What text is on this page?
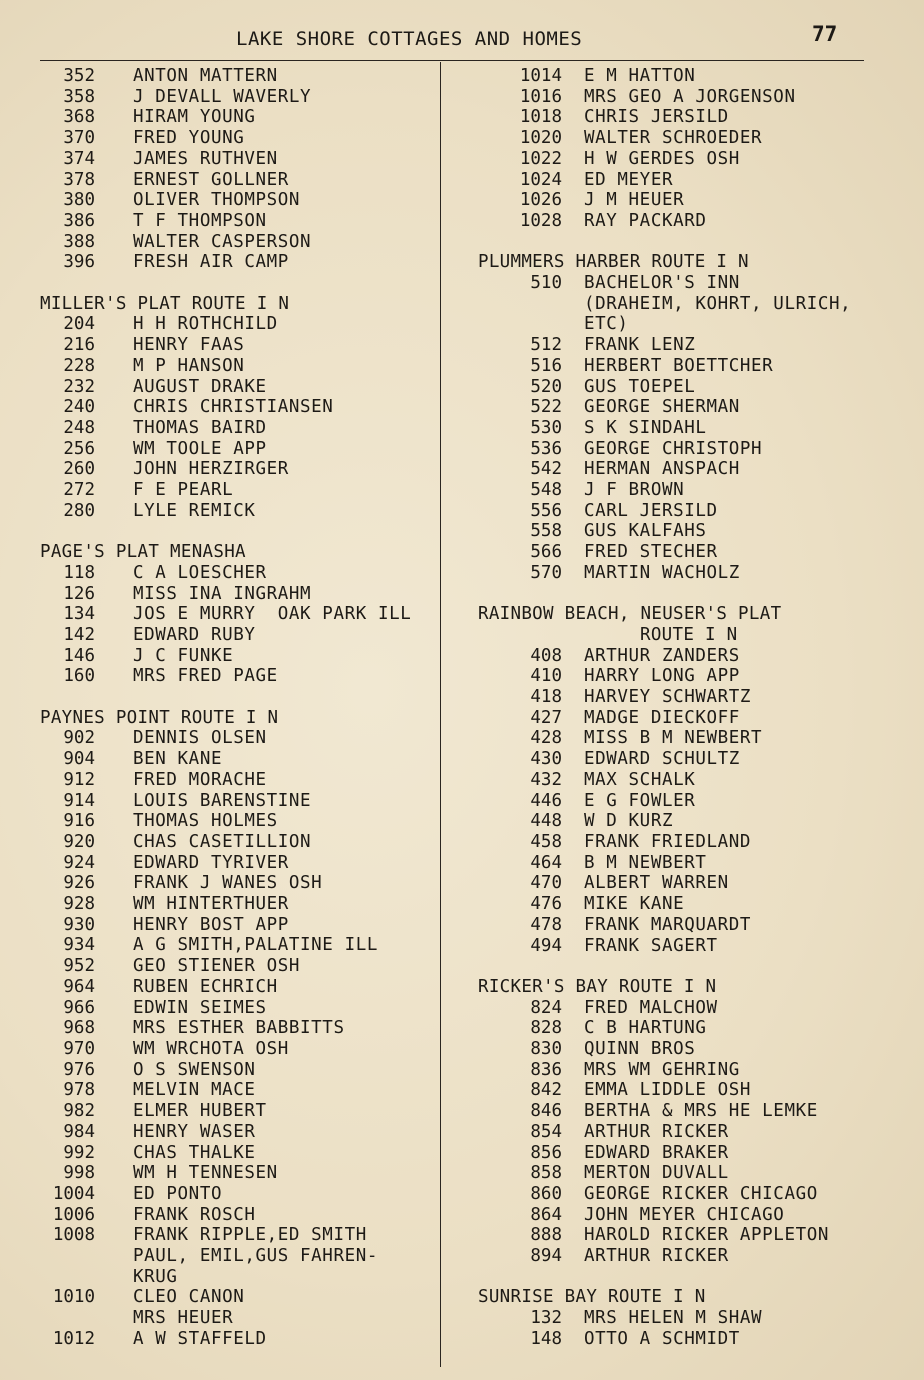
LAKE SHORE COTTAGES AND HOMES	77
352	ANTON MATTERN
358	J DEVALL WAVERLY
368	HIRAM YOUNG
370	FRED YOUNG
374	JAMES RUTHVEN
378	ERNEST GOLLNER
380	OLIVER THOMPSON
386	T F THOMPSON
388	WALTER CASPERSON
396	FRESH AIR CAMP
MILLER'S PLAT ROUTE I N
204	H H ROTHCHILD
216	HENRY FAAS
228	M P HANSON
232	AUGUST DRAKE
240	CHRIS CHRISTIANSEN
248	THOMAS BAIRD
256	WM TOOLE APP
260	JOHN HERZIRGER
272	F E PEARL
280	LYLE REMICK
PAGE'S PLAT MENASHA
118	C A LOESCHER
126	MISS INA INGRAHM
134	JOS E MURRY  OAK PARK ILL
142	EDWARD RUBY
146	J C FUNKE
160	MRS FRED PAGE
PAYNES POINT ROUTE I N
902	DENNIS OLSEN
904	BEN KANE
912	FRED MORACHE
914	LOUIS BARENSTINE
916	THOMAS HOLMES
920	CHAS CASETILLION
924	EDWARD TYRIVER
926	FRANK J WANES OSH
928	WM HINTERTHUER
930	HENRY BOST APP
934	A G SMITH,PALATINE ILL
952	GEO STIENER OSH
964	RUBEN ECHRICH
966	EDWIN SEIMES
968	MRS ESTHER BABBITTS
970	WM WRCHOTA OSH
976	O S SWENSON
978	MELVIN MACE
982	ELMER HUBERT
984	HENRY WASER
992	CHAS THALKE
998	WM H TENNESEN
1004	ED PONTO
1006	FRANK ROSCH
1008	FRANK RIPPLE,ED SMITH
PAUL, EMIL,GUS FAHREN-
KRUG
1010	CLEO CANON
MRS HEUER
1012	A W STAFFELD
1014	E M HATTON
1016	MRS GEO A JORGENSON
1018	CHRIS JERSILD
1020	WALTER SCHROEDER
1022	H W GERDES OSH
1024	ED MEYER
1026	J M HEUER
1028	RAY PACKARD
PLUMMERS HARBER ROUTE I N
510	BACHELOR'S INN
(DRAHEIM, KOHRT, ULRICH,
ETC)
512	FRANK LENZ
516	HERBERT BOETTCHER
520	GUS TOEPEL
522	GEORGE SHERMAN
530	S K SINDAHL
536	GEORGE CHRISTOPH
542	HERMAN ANSPACH
548	J F BROWN
556	CARL JERSILD
558	GUS KALFAHS
566	FRED STECHER
570	MARTIN WACHOLZ
RAINBOW BEACH, NEUSER'S PLAT
ROUTE I N
408	ARTHUR ZANDERS
410	HARRY LONG APP
418	HARVEY SCHWARTZ
427	MADGE DIECKOFF
428	MISS B M NEWBERT
430	EDWARD SCHULTZ
432	MAX SCHALK
446	E G FOWLER
448	W D KURZ
458	FRANK FRIEDLAND
464	B M NEWBERT
470	ALBERT WARREN
476	MIKE KANE
478	FRANK MARQUARDT
494	FRANK SAGERT
RICKER'S BAY ROUTE I N
824	FRED MALCHOW
828	C B HARTUNG
830	QUINN BROS
836	MRS WM GEHRING
842	EMMA LIDDLE OSH
846	BERTHA & MRS HE LEMKE
854	ARTHUR RICKER
856	EDWARD BRAKER
858	MERTON DUVALL
860	GEORGE RICKER CHICAGO
864	JOHN MEYER CHICAGO
888	HAROLD RICKER APPLETON
894	ARTHUR RICKER
SUNRISE BAY ROUTE I N
132	MRS HELEN M SHAW
148	OTTO A SCHMIDT
